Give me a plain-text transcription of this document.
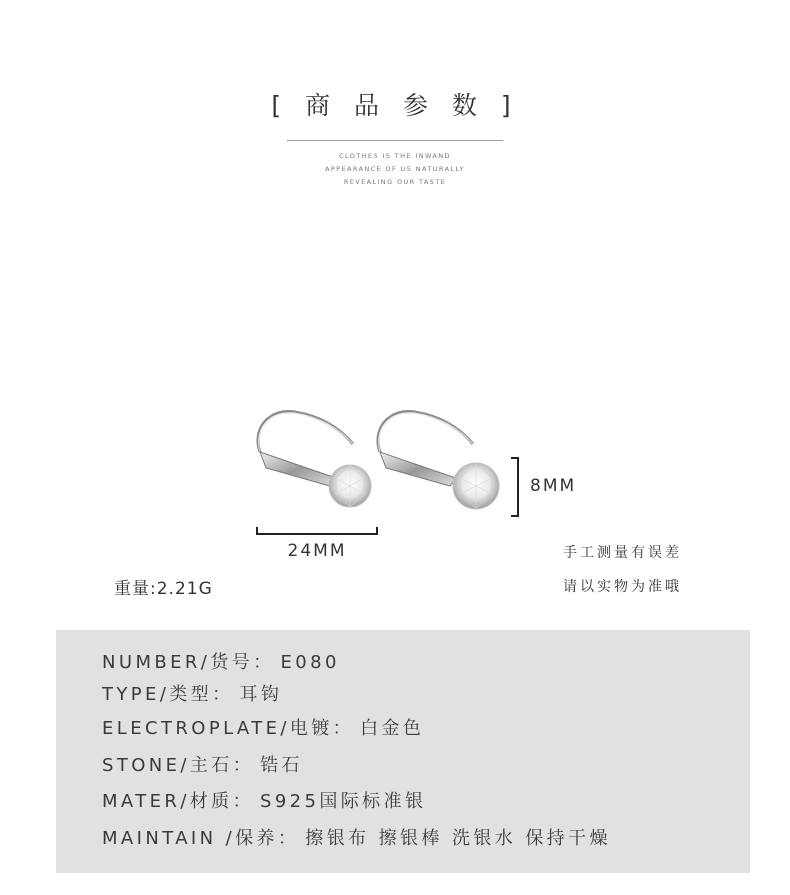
[ 商 品 参 数 ]
CLOTHES IS THE INWAND
APPEARANCE OF US NATURALLY
REVEALING OUR TASTE
24MM
8MM
重量:2.21G
手工测量有误差
请以实物为准哦
NUMBER/货号： E080
TYPE/类型： 耳钩
ELECTROPLATE/电镀： 白金色
STONE/主石： 锆石
MATER/材质： S925国际标准银
MAINTAIN /保养： 擦银布 擦银棒 洗银水 保持干燥
